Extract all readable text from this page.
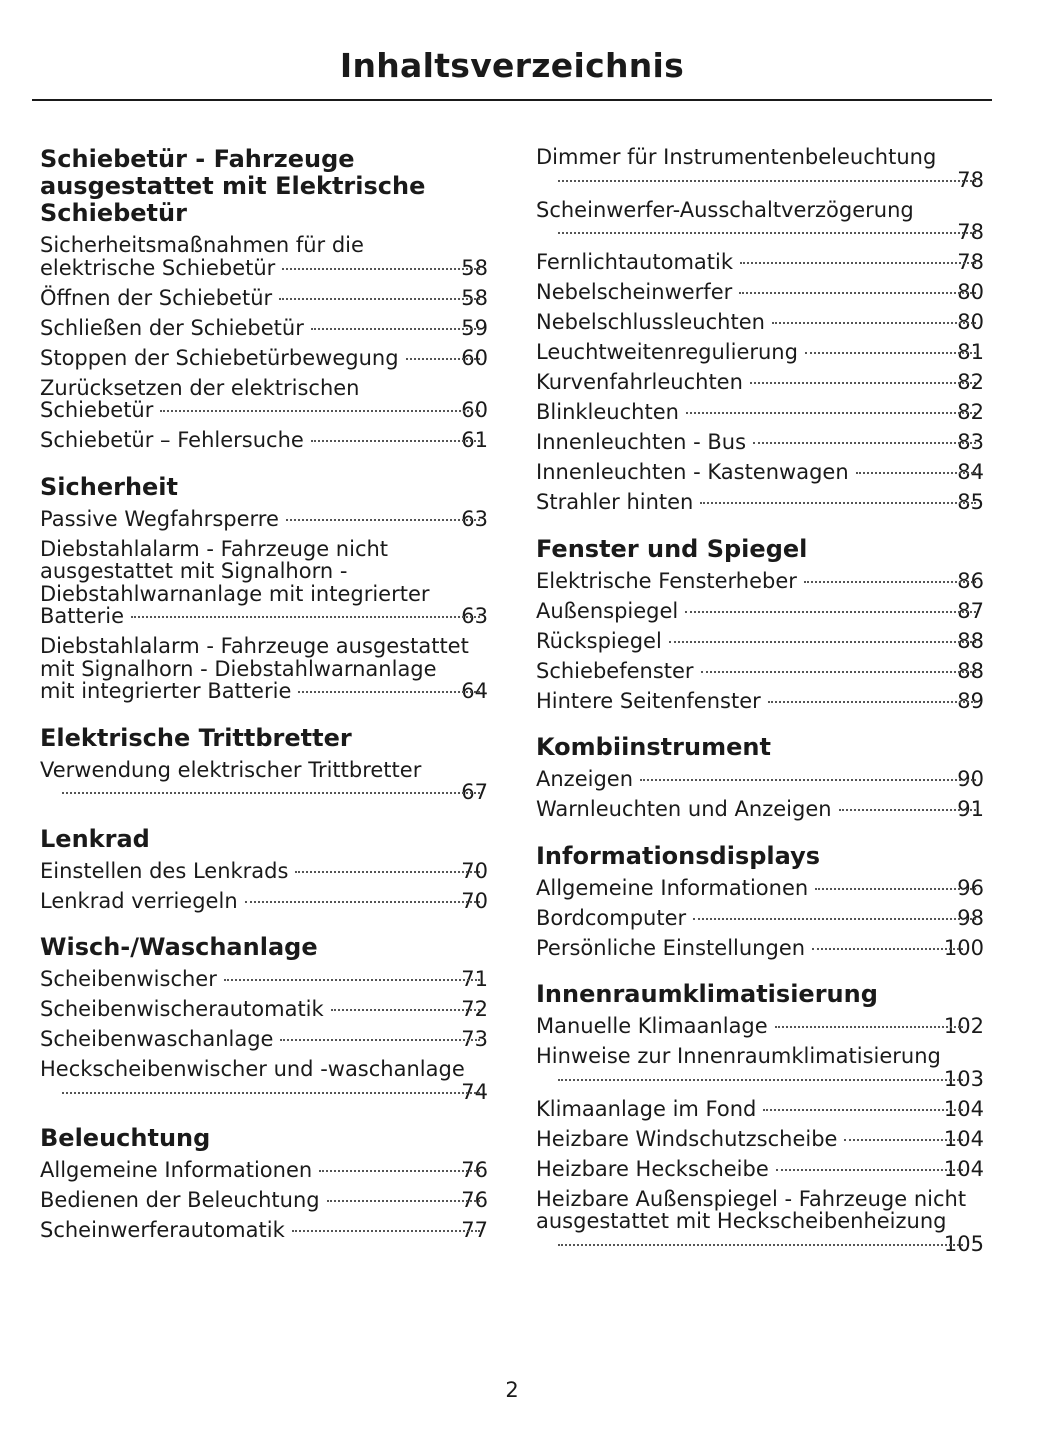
Inhaltsverzeichnis
Schiebetür - Fahrzeuge
ausgestattet mit Elektrische
Schiebetür
Sicherheitsmaßnahmen für die
elektrische Schiebetür	58
Öffnen der Schiebetür	58
Schließen der Schiebetür	59
Stoppen der Schiebetürbewegung	60
Zurücksetzen der elektrischen
Schiebetür	60
Schiebetür – Fehlersuche	61
Sicherheit
Passive Wegfahrsperre	63
Diebstahlalarm - Fahrzeuge nicht
ausgestattet mit Signalhorn -
Diebstahlwarnanlage mit integrierter
Batterie	63
Diebstahlalarm - Fahrzeuge ausgestattet
mit Signalhorn - Diebstahlwarnanlage
mit integrierter Batterie	64
Elektrische Trittbretter
Verwendung elektrischer Trittbretter
67
Lenkrad
Einstellen des Lenkrads	70
Lenkrad verriegeln	70
Wisch-/Waschanlage
Scheibenwischer	71
Scheibenwischerautomatik	72
Scheibenwaschanlage	73
Heckscheibenwischer und -waschanlage
74
Beleuchtung
Allgemeine Informationen	76
Bedienen der Beleuchtung	76
Scheinwerferautomatik	77
Dimmer für Instrumentenbeleuchtung
78
Scheinwerfer-Ausschaltverzögerung
78
Fernlichtautomatik	78
Nebelscheinwerfer	80
Nebelschlussleuchten	80
Leuchtweitenregulierung	81
Kurvenfahrleuchten	82
Blinkleuchten	82
Innenleuchten - Bus	83
Innenleuchten - Kastenwagen	84
Strahler hinten	85
Fenster und Spiegel
Elektrische Fensterheber	86
Außenspiegel	87
Rückspiegel	88
Schiebefenster	88
Hintere Seitenfenster	89
Kombiinstrument
Anzeigen	90
Warnleuchten und Anzeigen	91
Informationsdisplays
Allgemeine Informationen	96
Bordcomputer	98
Persönliche Einstellungen	100
Innenraumklimatisierung
Manuelle Klimaanlage	102
Hinweise zur Innenraumklimatisierung
103
Klimaanlage im Fond	104
Heizbare Windschutzscheibe	104
Heizbare Heckscheibe	104
Heizbare Außenspiegel - Fahrzeuge nicht
ausgestattet mit Heckscheibenheizung
105
2
